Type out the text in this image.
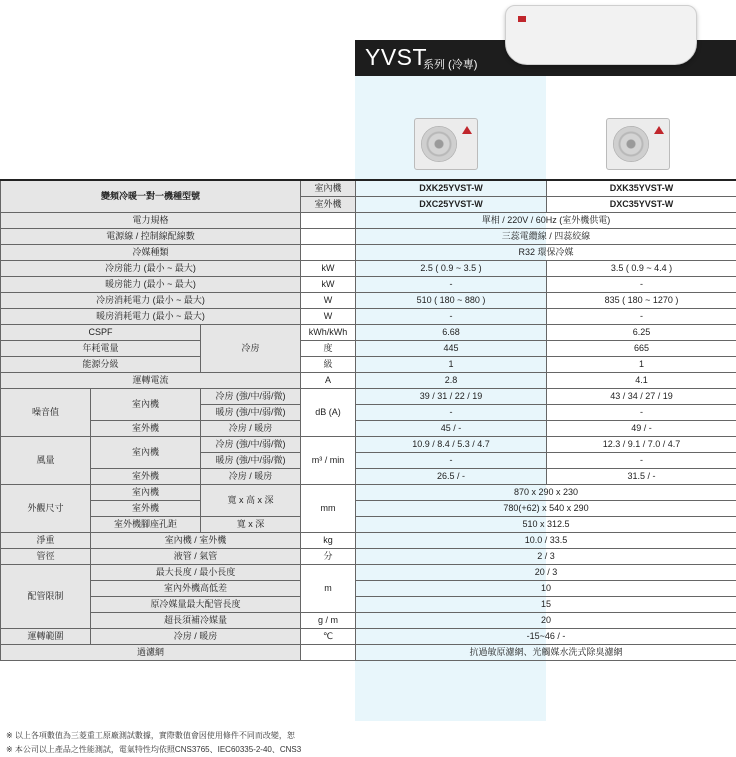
YVST
系列 (冷專)
變頻冷暖一對一機種型號			室內機	DXK25YVST-W	DXK35YVST-W
			室外機	DXC25YVST-W	DXC35YVST-W
電力規格				單相 / 220V / 60Hz (室外機供電)	
電源線 / 控制線配線數				三蕊電纜線 / 四蕊絞線	
冷媒種類				R32 環保冷媒	
冷房能力 (最小 ~ 最大)			kW	2.5 ( 0.9 ~ 3.5 )	3.5 ( 0.9 ~ 4.4 )
暖房能力 (最小 ~ 最大)			kW	-	-
冷房消耗電力 (最小 ~ 最大)			W	510 ( 180 ~ 880 )	835 ( 180 ~ 1270 )
暖房消耗電力 (最小 ~ 最大)			W	-	-
CSPF		冷房	kWh/kWh	6.68	6.25
年耗電量			度	445	665
能源分級			級	1	1
運轉電流			A	2.8	4.1
噪音值	室內機	冷房 (強/中/弱/微)	dB (A)	39 / 31 / 22 / 19	43 / 34 / 27 / 19
		暖房 (強/中/弱/微)		-	-
	室外機	冷房 / 暖房		45 / -	49 / -
風量	室內機	冷房 (強/中/弱/微)	m³ / min	10.9 / 8.4 / 5.3 / 4.7	12.3 / 9.1 / 7.0 / 4.7
		暖房 (強/中/弱/微)		-	-
	室外機	冷房 / 暖房		26.5 / -	31.5 / -
外觀尺寸	室內機	寬 x 高 x 深	mm	870 x 290 x 230	
	室外機			780(+62) x 540 x 290	
	室外機腳座孔距	寬 x 深		510 x 312.5	
淨重	室內機 / 室外機		kg	10.0 / 33.5	
管徑	液管 / 氣管		分	2 / 3	
配管限制	最大長度 / 最小長度		m	20 / 3	
	室內外機高低差			10	
	原冷媒量最大配管長度			15	
	超長須補冷媒量		g / m	20	
運轉範圍	冷房 / 暖房		℃	-15~46 / -	
過濾網				抗過敏原濾網、光觸媒水洗式除臭濾網	
※ 以上各項數值為三菱重工原廠測試數據，實際數值會因使用條件不同而改變，恕
※ 本公司以上產品之性能測試，電氣特性均依照CNS3765、IEC60335-2-40、CNS3
